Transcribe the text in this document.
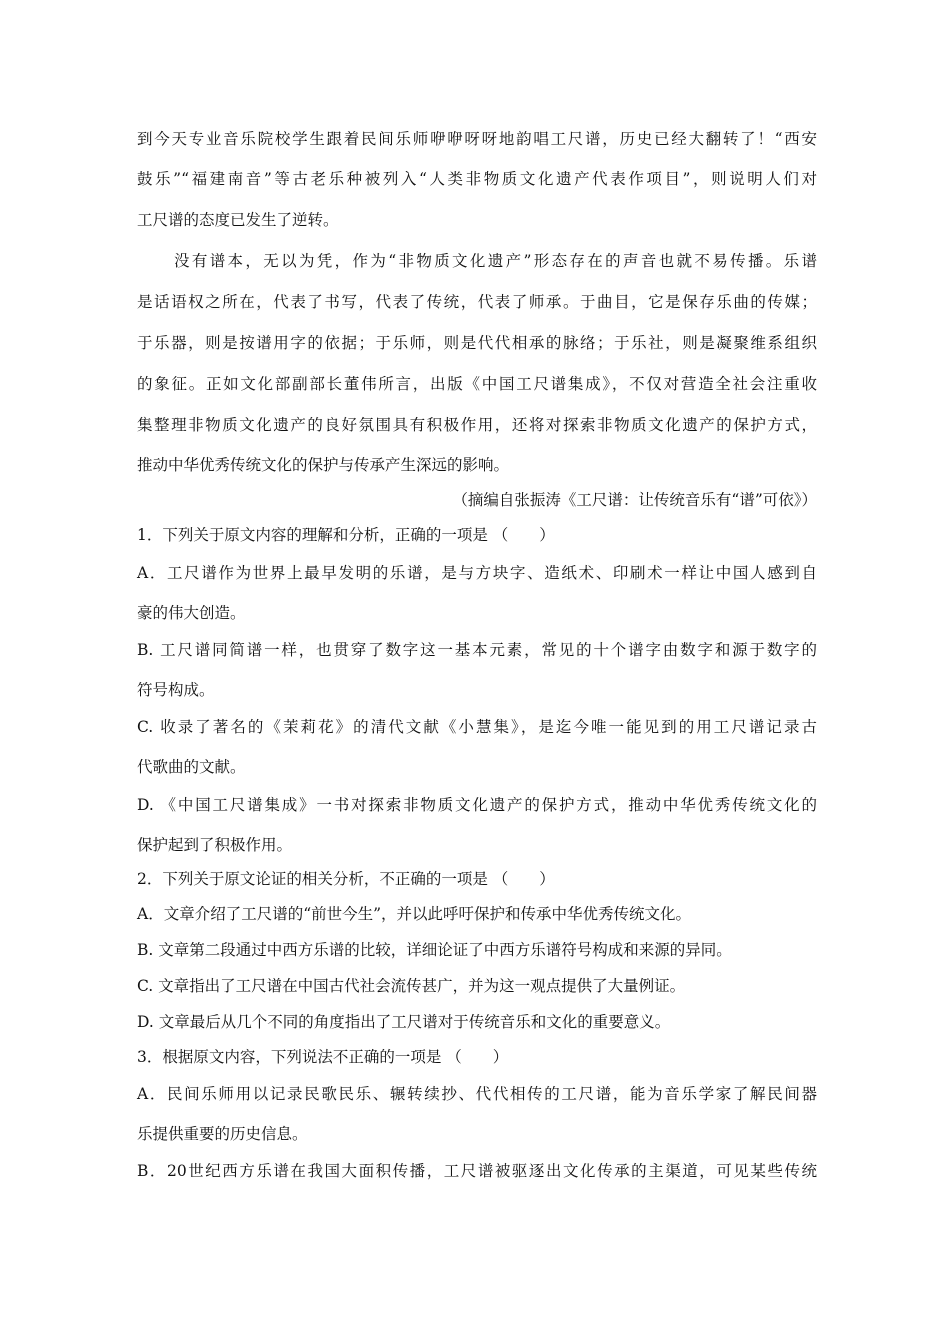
到今天专业音乐院校学生跟着民间乐师咿咿呀呀地韵唱工尺谱，历史已经大翻转了！“西安
鼓乐”“福建南音”等古老乐种被列入“人类非物质文化遗产代表作项目”，则说明人们对
工尺谱的态度已发生了逆转。
没有谱本，无以为凭，作为“非物质文化遗产”形态存在的声音也就不易传播。乐谱
是话语权之所在，代表了书写，代表了传统，代表了师承。于曲目，它是保存乐曲的传媒；
于乐器，则是按谱用字的依据；于乐师，则是代代相承的脉络；于乐社，则是凝聚维系组织
的象征。正如文化部副部长董伟所言，出版《中国工尺谱集成》，不仅对营造全社会注重收
集整理非物质文化遗产的良好氛围具有积极作用，还将对探索非物质文化遗产的保护方式，
推动中华优秀传统文化的保护与传承产生深远的影响。
（摘编自张振涛《工尺谱：让传统音乐有“谱”可依》）
1．下列关于原文内容的理解和分析，正确的一项是 （　　）
A．工尺谱作为世界上最早发明的乐谱，是与方块字、造纸术、印刷术一样让中国人感到自
豪的伟大创造。
B. 工尺谱同简谱一样，也贯穿了数字这一基本元素，常见的十个谱字由数字和源于数字的
符号构成。
C. 收录了著名的《茉莉花》的清代文献《小慧集》，是迄今唯一能见到的用工尺谱记录古
代歌曲的文献。
D. 《中国工尺谱集成》一书对探索非物质文化遗产的保护方式，推动中华优秀传统文化的
保护起到了积极作用。
2．下列关于原文论证的相关分析，不正确的一项是 （　　）
A．文章介绍了工尺谱的“前世今生”，并以此呼吁保护和传承中华优秀传统文化。
B. 文章第二段通过中西方乐谱的比较，详细论证了中西方乐谱符号构成和来源的异同。
C. 文章指出了工尺谱在中国古代社会流传甚广，并为这一观点提供了大量例证。
D. 文章最后从几个不同的角度指出了工尺谱对于传统音乐和文化的重要意义。
3．根据原文内容，下列说法不正确的一项是 （　　）
A．民间乐师用以记录民歌民乐、辗转续抄、代代相传的工尺谱，能为音乐学家了解民间器
乐提供重要的历史信息。
B．20世纪西方乐谱在我国大面积传播，工尺谱被驱逐出文化传承的主渠道，可见某些传统
